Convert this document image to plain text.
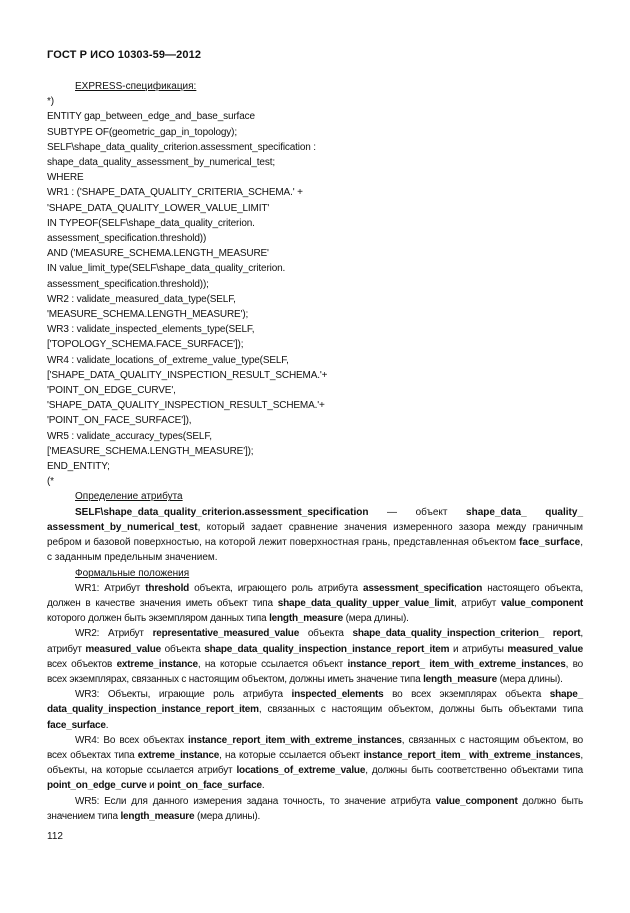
ГОСТ Р ИСО 10303-59—2012
EXPRESS-спецификация:
*)
ENTITY gap_between_edge_and_base_surface
SUBTYPE OF(geometric_gap_in_topology);
SELF\shape_data_quality_criterion.assessment_specification :
shape_data_quality_assessment_by_numerical_test;
WHERE
WR1 : ('SHAPE_DATA_QUALITY_CRITERIA_SCHEMA.' +
'SHAPE_DATA_QUALITY_LOWER_VALUE_LIMIT'
IN TYPEOF(SELF\shape_data_quality_criterion.
assessment_specification.threshold))
AND ('MEASURE_SCHEMA.LENGTH_MEASURE'
IN value_limit_type(SELF\shape_data_quality_criterion.
assessment_specification.threshold));
WR2 : validate_measured_data_type(SELF,
'MEASURE_SCHEMA.LENGTH_MEASURE');
WR3 : validate_inspected_elements_type(SELF,
['TOPOLOGY_SCHEMA.FACE_SURFACE']);
WR4 : validate_locations_of_extreme_value_type(SELF,
['SHAPE_DATA_QUALITY_INSPECTION_RESULT_SCHEMA.'+
'POINT_ON_EDGE_CURVE',
'SHAPE_DATA_QUALITY_INSPECTION_RESULT_SCHEMA.'+
'POINT_ON_FACE_SURFACE']),
WR5 : validate_accuracy_types(SELF,
['MEASURE_SCHEMA.LENGTH_MEASURE']);
END_ENTITY;
(*
Определение атрибута

SELF\shape_data_quality_criterion.assessment_specification — объект shape_data_ quality_ assessment_by_numerical_test, который задает сравнение значения измеренного зазора между граничным ребром и базовой поверхностью, на которой лежит поверхностная грань, представленная объектом face_surface, с заданным предельным значением.

Формальные положения

WR1: Атрибут threshold объекта, играющего роль атрибута assessment_specification настоящего объекта, должен в качестве значения иметь объект типа shape_data_quality_upper_value_limit, атрибут value_component которого должен быть экземпляром данных типа length_measure (мера длины).

WR2: Атрибут representative_measured_value объекта shape_data_quality_inspection_criterion_ report, атрибут measured_value объекта shape_data_quality_inspection_instance_report_item и атрибуты measured_value всех объектов extreme_instance, на которые ссылается объект instance_report_ item_with_extreme_instances, во всех экземплярах, связанных с настоящим объектом, должны иметь значение типа length_measure (мера длины).

WR3: Объекты, играющие роль атрибута inspected_elements во всех экземплярах объекта shape_ data_quality_inspection_instance_report_item, связанных с настоящим объектом, должны быть объектами типа face_surface.

WR4: Во всех объектах instance_report_item_with_extreme_instances, связанных с настоящим объектом, во всех объектах типа extreme_instance, на которые ссылается объект instance_report_item_ with_extreme_instances, объекты, на которые ссылается атрибут locations_of_extreme_value, должны быть соответственно объектами типа point_on_edge_curve и point_on_face_surface.

WR5: Если для данного измерения задана точность, то значение атрибута value_component должно быть значением типа length_measure (мера длины).

112
